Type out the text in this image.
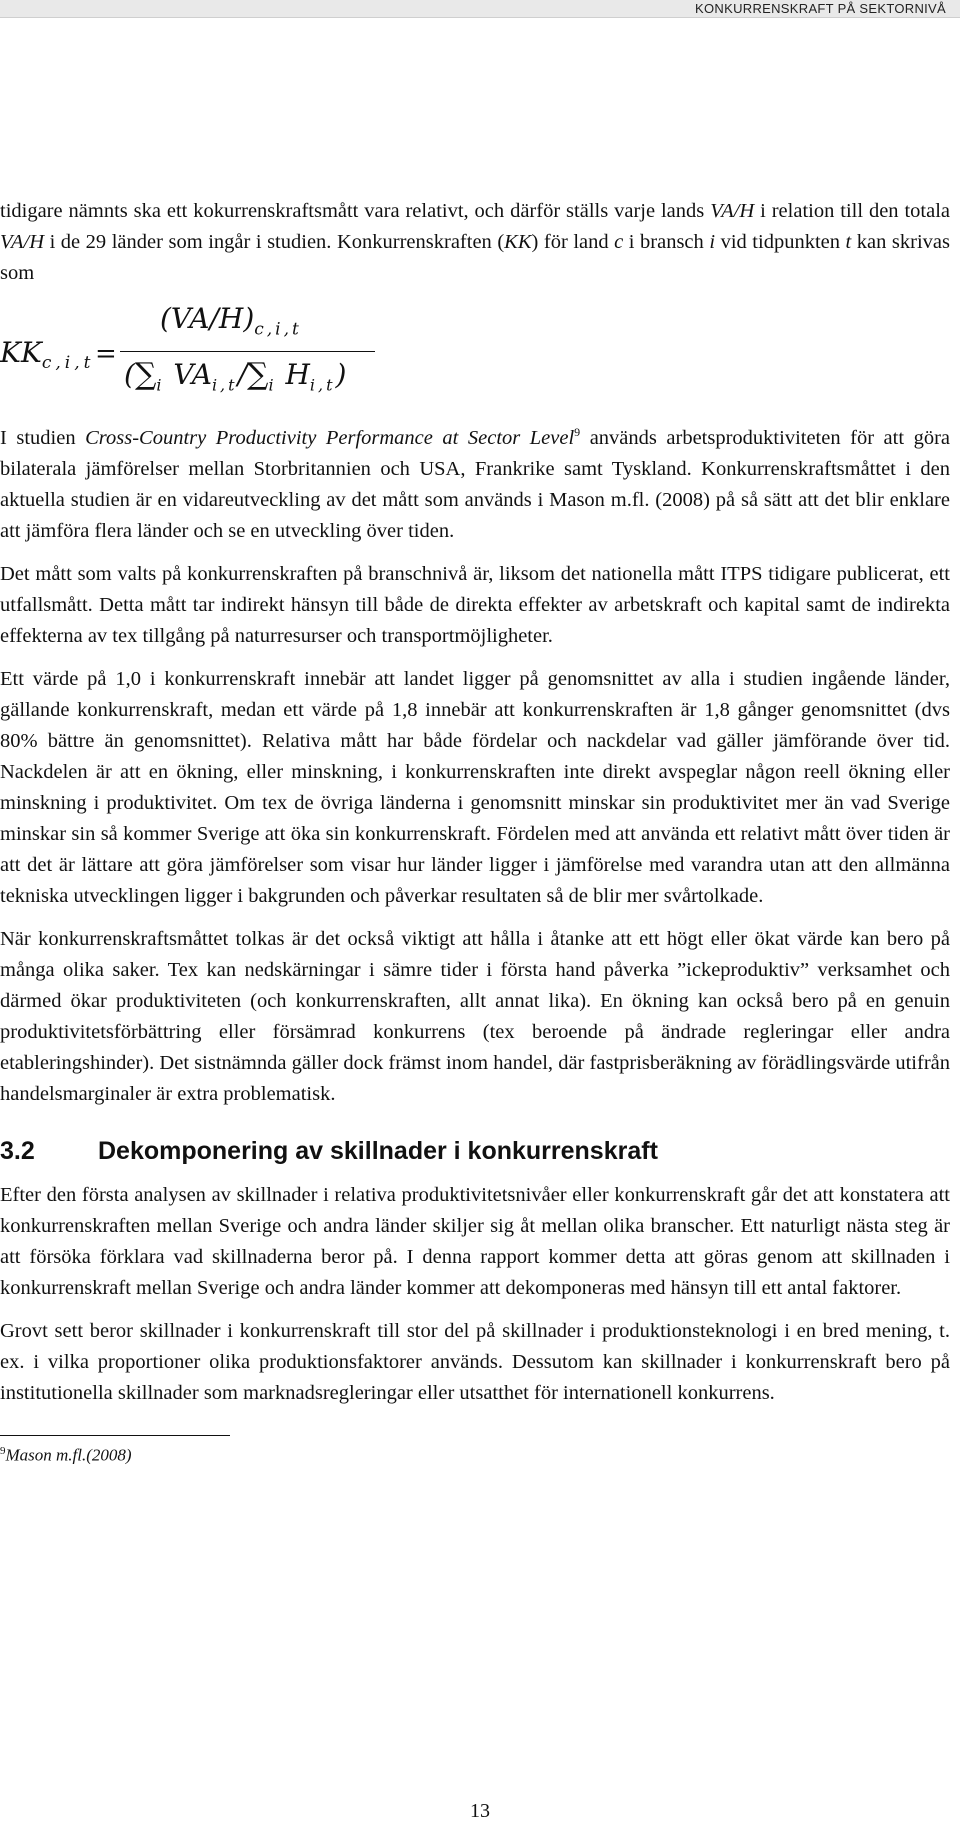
KONKURRENSKRAFT PÅ SEKTORNIVÅ

tidigare nämnts ska ett kokurrenskraftsmått vara relativt, och därför ställs varje lands VA/H i relation till den totala VA/H i de 29 länder som ingår i studien. Konkurrenskraften (KK) för land c i bransch i vid tidpunkten t kan skrivas som

$KK_{c,i,t}$ =
$(VA/H)_{c,i,t}$
($\sum_i$ $VA_{i,t}/\sum_i$ $H_{i,t}$)

I studien Cross-Country Productivity Performance at Sector Level$^9$ används arbetsproduktiviteten för att göra bilaterala jämförelser mellan Storbritannien och USA, Frankrike samt Tyskland. Konkurrenskraftsmåttet i den aktuella studien är en vidareutveckling av det mått som används i Mason m.fl. (2008) på så sätt att det blir enklare att jämföra flera länder och se en utveckling över tiden.

Det mått som valts på konkurrenskraften på branschnivå är, liksom det nationella mått ITPS tidigare publicerat, ett utfallsmått. Detta mått tar indirekt hänsyn till både de direkta effekter av arbetskraft och kapital samt de indirekta effekterna av tex tillgång på naturresurser och transportmöjligheter.

Ett värde på 1,0 i konkurrenskraft innebär att landet ligger på genomsnittet av alla i studien ingående länder, gällande konkurrenskraft, medan ett värde på 1,8 innebär att konkurrenskraften är 1,8 gånger genomsnittet (dvs 80% bättre än genomsnittet). Relativa mått har både fördelar och nackdelar vad gäller jämförande över tid. Nackdelen är att en ökning, eller minskning, i konkurrenskraften inte direkt avspeglar någon reell ökning eller minskning i produktivitet. Om tex de övriga länderna i genomsnitt minskar sin produktivitet mer än vad Sverige minskar sin så kommer Sverige att öka sin konkurrenskraft. Fördelen med att använda ett relativt mått över tiden är att det är lättare att göra jämförelser som visar hur länder ligger i jämförelse med varandra utan att den allmänna tekniska utvecklingen ligger i bakgrunden och påverkar resultaten så de blir mer svårtolkade.

När konkurrenskraftsmåttet tolkas är det också viktigt att hålla i åtanke att ett högt eller ökat värde kan bero på många olika saker. Tex kan nedskärningar i sämre tider i första hand påverka ”ickeproduktiv” verksamhet och därmed ökar produktiviteten (och konkurrenskraften, allt annat lika). En ökning kan också bero på en genuin produktivitetsförbättring eller försämrad konkurrens (tex beroende på ändrade regleringar eller andra etableringshinder). Det sistnämnda gäller dock främst inom handel, där fastprisberäkning av förädlingsvärde utifrån handelsmarginaler är extra problematisk.

3.2	Dekomponering av skillnader i konkurrenskraft

Efter den första analysen av skillnader i relativa produktivitetsnivåer eller konkurrenskraft går det att konstatera att konkurrenskraften mellan Sverige och andra länder skiljer sig åt mellan olika branscher. Ett naturligt nästa steg är att försöka förklara vad skillnaderna beror på. I denna rapport kommer detta att göras genom att skillnaden i konkurrenskraft mellan Sverige och andra länder kommer att dekomponeras med hänsyn till ett antal faktorer.

Grovt sett beror skillnader i konkurrenskraft till stor del på skillnader i produktionsteknologi i en bred mening, t. ex. i vilka proportioner olika produktionsfaktorer används. Dessutom kan skillnader i konkurrenskraft bero på institutionella skillnader som marknadsregleringar eller utsatthet för internationell konkurrens.

$^9$Mason m.fl.(2008)
13
